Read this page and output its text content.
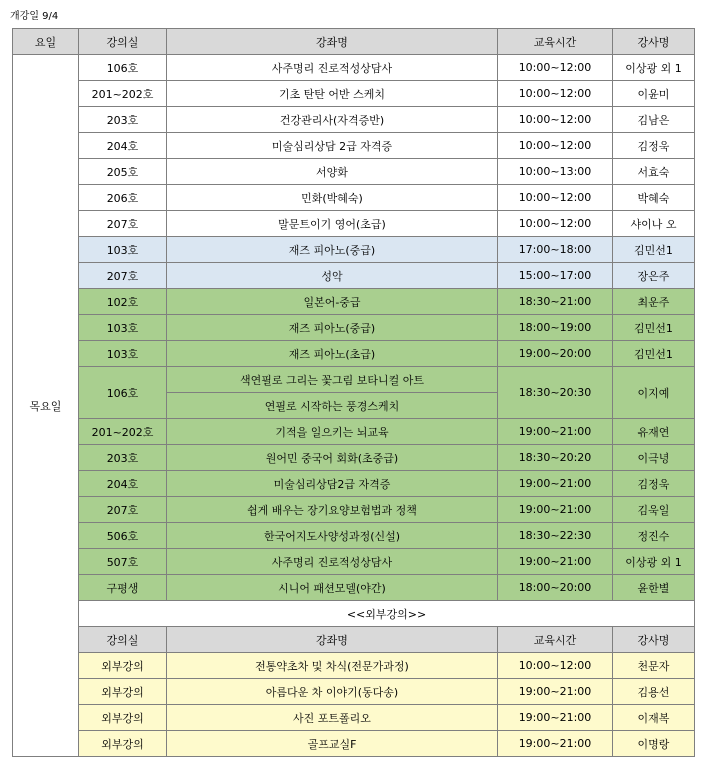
개강일 9/4
요일	강의실	강좌명	교육시간	강사명
목요일	106호	사주명리 진로적성상담사	10:00~12:00	이상광 외 1
	201~202호	기초 탄탄 어반 스케치	10:00~12:00	이윤미
	203호	건강관리사(자격증반)	10:00~12:00	김남은
	204호	미술심리상담 2급 자격증	10:00~12:00	김정욱
	205호	서양화	10:00~13:00	서효숙
	206호	민화(박혜숙)	10:00~12:00	박혜숙
	207호	말문트이기 영어(초급)	10:00~12:00	샤이나 오
	103호	재즈 피아노(중급)	17:00~18:00	김민선1
	207호	성악	15:00~17:00	장은주
	102호	일본어-중급	18:30~21:00	최운주
	103호	재즈 피아노(중급)	18:00~19:00	김민선1
	103호	재즈 피아노(초급)	19:00~20:00	김민선1
	106호	색연필로 그리는 꽃그림 보타니컬 아트	18:30~20:30	이지예
		연필로 시작하는 풍경스케치		
	201~202호	기적을 일으키는 뇌교육	19:00~21:00	유재연
	203호	원어민 중국어 회화(초중급)	18:30~20:20	이극녕
	204호	미술심리상담2급 자격증	19:00~21:00	김정욱
	207호	쉽게 배우는 장기요양보험법과 정책	19:00~21:00	김욱일
	506호	한국어지도사양성과정(신설)	18:30~22:30	정진수
	507호	사주명리 진로적성상담사	19:00~21:00	이상광 외 1
	구평생	시니어 패션모델(야간)	18:00~20:00	윤한별
	<<외부강의>>			
	강의실	강좌명	교육시간	강사명
	외부강의	전통약초차 및 차식(전문가과정)	10:00~12:00	천문자
	외부강의	아름다운 차 이야기(동다송)	19:00~21:00	김용선
	외부강의	사진 포트폴리오	19:00~21:00	이재복
	외부강의	골프교실F	19:00~21:00	이명랑
